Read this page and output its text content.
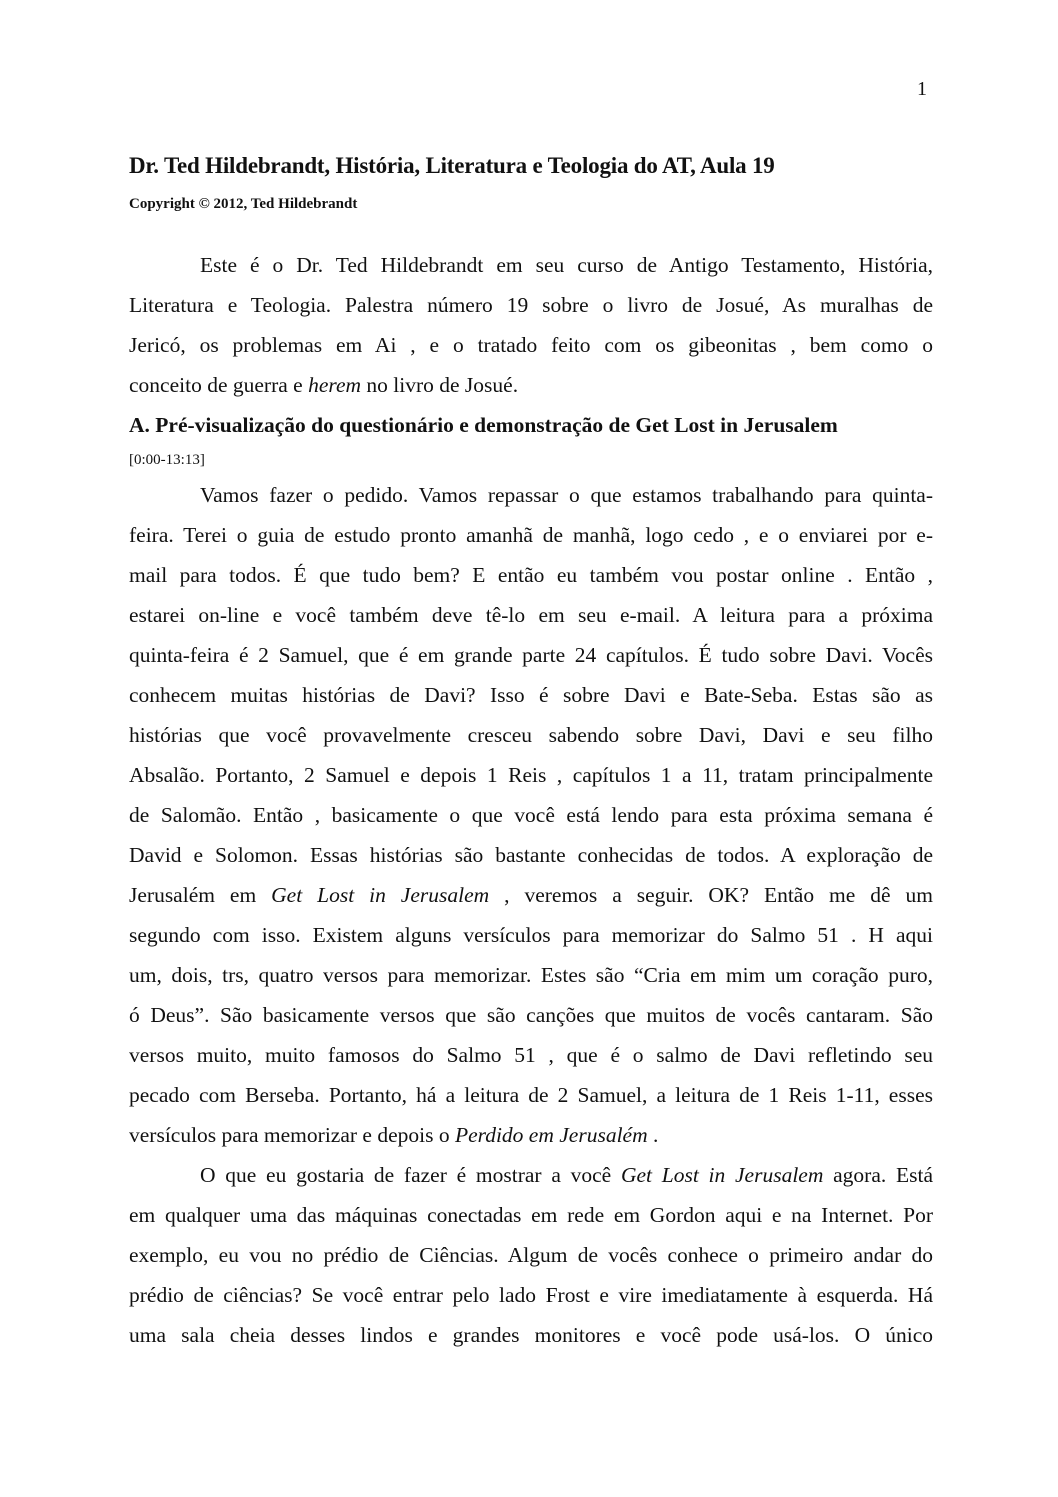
1
Dr. Ted Hildebrandt, História, Literatura e Teologia do AT, Aula 19
Copyright © 2012, Ted Hildebrandt
Este é o Dr. Ted Hildebrandt em seu curso de Antigo Testamento, História,
Literatura e Teologia. Palestra número 19 sobre o livro de Josué, As muralhas de
Jericó, os problemas em Ai , e o tratado feito com os gibeonitas , bem como o
conceito de guerra e herem no livro de Josué.
A. Pré-visualização do questionário e demonstração de Get Lost in Jerusalem
[0:00-13:13]
Vamos fazer o pedido. Vamos repassar o que estamos trabalhando para quinta-
feira. Terei o guia de estudo pronto amanhã de manhã, logo cedo , e o enviarei por e-
mail para todos. É que tudo bem? E então eu também vou postar online . Então ,
estarei on-line e você também deve tê-lo em seu e-mail. A leitura para a próxima
quinta-feira é 2 Samuel, que é em grande parte 24 capítulos. É tudo sobre Davi. Vocês
conhecem muitas histórias de Davi? Isso é sobre Davi e Bate-Seba. Estas são as
histórias que você provavelmente cresceu sabendo sobre Davi, Davi e seu filho
Absalão. Portanto, 2 Samuel e depois 1 Reis , capítulos 1 a 11, tratam principalmente
de Salomão. Então , basicamente o que você está lendo para esta próxima semana é
David e Solomon. Essas histórias são bastante conhecidas de todos. A exploração de
Jerusalém em Get Lost in Jerusalem , veremos a seguir. OK? Então me dê um
segundo com isso. Existem alguns versículos para memorizar do Salmo 51 . H aqui
um, dois, trs, quatro versos para memorizar. Estes são “Cria em mim um coração puro,
ó Deus”. São basicamente versos que são canções que muitos de vocês cantaram. São
versos muito, muito famosos do Salmo 51 , que é o salmo de Davi refletindo seu
pecado com Berseba. Portanto, há a leitura de 2 Samuel, a leitura de 1 Reis 1-11, esses
versículos para memorizar e depois o Perdido em Jerusalém .
O que eu gostaria de fazer é mostrar a você Get Lost in Jerusalem agora. Está
em qualquer uma das máquinas conectadas em rede em Gordon aqui e na Internet. Por
exemplo, eu vou no prédio de Ciências. Algum de vocês conhece o primeiro andar do
prédio de ciências? Se você entrar pelo lado Frost e vire imediatamente à esquerda. Há
uma sala cheia desses lindos e grandes monitores e você pode usá-los. O único
